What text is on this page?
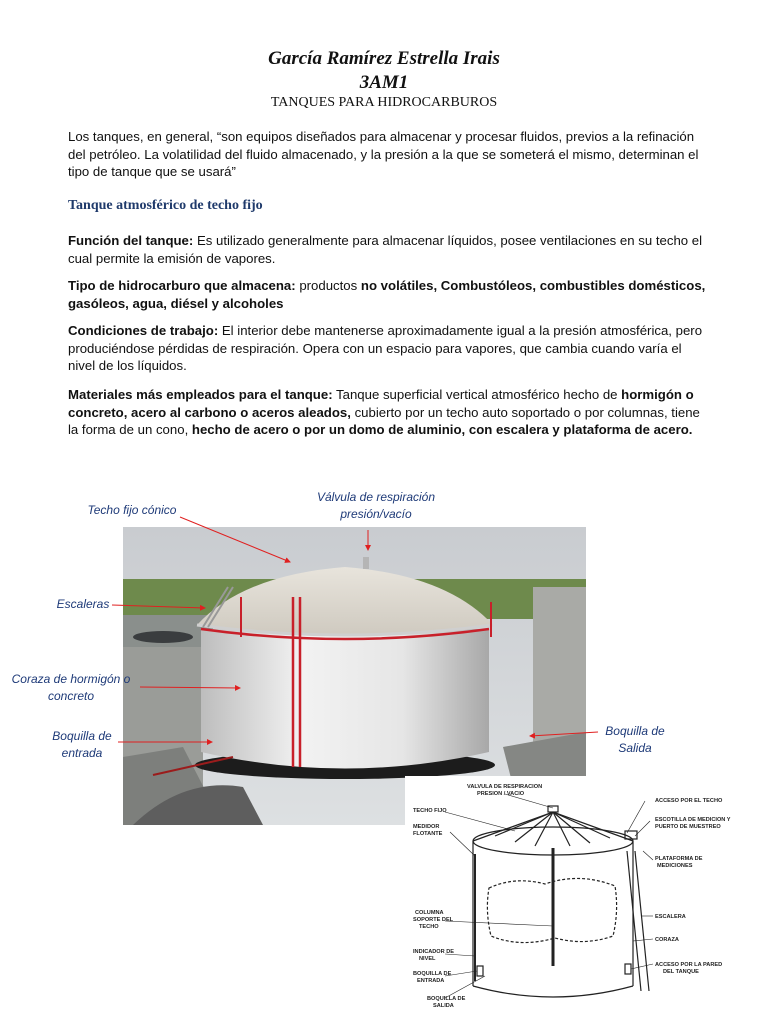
García Ramírez Estrella Irais
3AM1
TANQUES PARA HIDROCARBUROS

Los tanques, en general, “son equipos diseñados para almacenar y procesar fluidos, previos a la refinación del petróleo. La volatilidad del fluido almacenado, y la presión a la que se someterá el mismo, determinan el tipo de tanque que se usará”

Tanque atmosférico de techo fijo

Función del tanque: Es utilizado generalmente para almacenar líquidos, posee ventilaciones en su techo el cual permite la emisión de vapores.

Tipo de hidrocarburo que almacena: productos no volátiles, Combustóleos, combustibles domésticos, gasóleos, agua, diésel y alcoholes

Condiciones de trabajo: El interior debe mantenerse aproximadamente igual a la presión atmosférica, pero produciéndose pérdidas de respiración. Opera con un espacio para vapores, que cambia cuando varía el nivel de los líquidos.

Materiales más empleados para el tanque: Tanque superficial vertical atmosférico hecho de hormigón o concreto, acero al carbono o aceros aleados, cubierto por un techo auto soportado o por columnas, tiene la forma de un cono, hecho de acero o por un domo de aluminio, con escalera y plataforma de acero.

Techo fijo cónico
Válvula de respiración presión/vacío
Escaleras
Coraza de hormigón o concreto
Boquilla de entrada
Boquilla de Salida
VALVULA DE RESPIRACION
PRESION / VACIO
TECHO FIJO
MEDIDOR
FLOTANTE
ACCESO POR EL TECHO
ESCOTILLA DE MEDICION Y
PUERTO DE MUESTREO
PLATAFORMA DE
MEDICIONES
COLUMNA
SOPORTE DEL
TECHO
ESCALERA
CORAZA
INDICADOR DE
NIVEL
BOQUILLA DE
ENTRADA
ACCESO POR LA PARED
DEL TANQUE
BOQUILLA DE
SALIDA
